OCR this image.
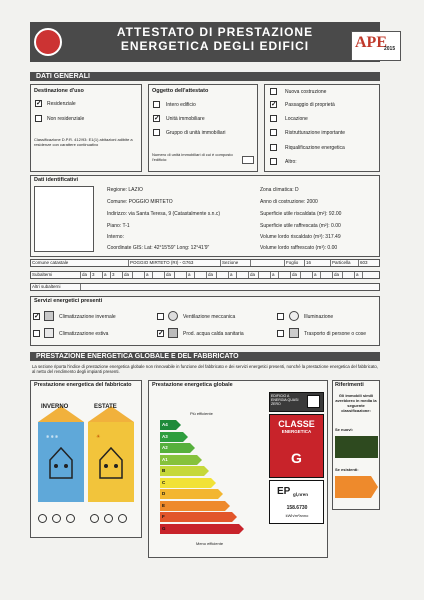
ATTESTATO DI PRESTAZIONE
ENERGETICA DEGLI EDIFICI	APE
2015
DATI GENERALI
Destinazione d'uso
✓ Residenziale
Non residenziale
Classificazione D.P.R. 412/93: E1(1) abitazioni adibite a residenze con carattere continuativo
Oggetto dell'attestato
Intero edificio
✓ Unità immobiliare
Gruppo di unità immobiliari
Numero di unità immobiliari di cui è composto l'edificio:
Nuova costruzione
✓ Passaggio di proprietà
Locazione
Ristrutturazione importante
Riqualificazione energetica
Altro:
Dati identificativi
Regione: LAZIO
Comune: POGGIO MIRTETO
Indirizzo: via Santa Teresa, 9 (Catastalmente s.n.c)
Piano: T-1
Interno:
Coordinate GIS: Lat: 42°15'59" Long: 12°41'9"
Zona climatica: D
Anno di costruzione: 2000
Superficie utile riscaldata (m²): 92.00
Superficie utile raffrescata (m²): 0.00
Volume lordo riscaldato (m³): 317.49
Volume lordo raffrescato (m³): 0.00
Comune catastale	POGGIO MIRTETO (RI) - G763	Sezione	Foglio	16	Particella	603
Subalterni	da	3	a	3	da	a	da	a	da	a	da	a	da	a	da	a
Altri subalterni
Servizi energetici presenti
✓	Climatizzazione invernale	Ventilazione meccanica	Illuminazione
Climatizzazione estiva	✓	Prod. acqua calda sanitaria	Trasporto di persone o cose
PRESTAZIONE ENERGETICA GLOBALE E DEL FABBRICATO
La sezione riporta l'indice di prestazione energetica globale non rinnovabile in funzione del fabbricato e dei servizi energetici presenti, nonché la prestazione energetica del fabbricato, al netto del rendimento degli impianti presenti.
Prestazione energetica del fabbricato
❄ ❄ ❄	☀
INVERNO	ESTATE
Prestazione energetica globale
Più efficiente
Meno efficiente
A4
A3
A2
A1
B
C
D
E
F
G
EDIFICIO A ENERGIA QUASI ZERO
CLASSE
ENERGETICA
G
EP gl,nren
158.6730
kWh/m²anno
Riferimenti
Gli immobili simili avrebbero in media la seguente classificazione:
Se nuovi:
Se esistenti:
